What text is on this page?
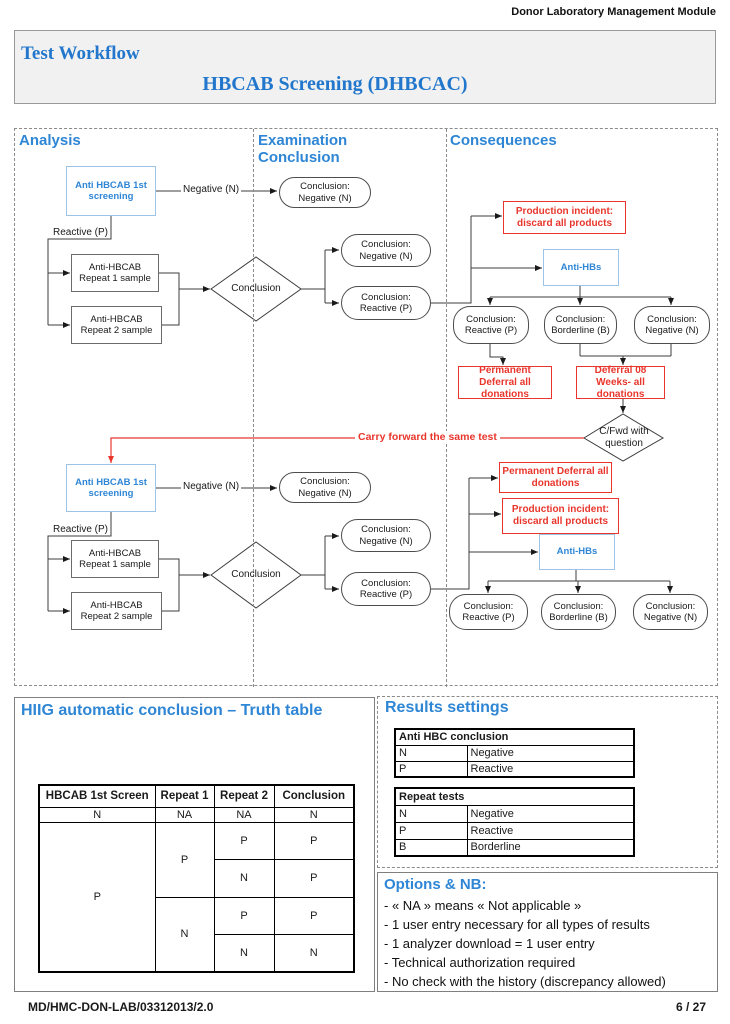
Donor Laboratory Management Module
Test Workflow
HBCAB Screening (DHBCAC)
Analysis	Examination Conclusion
Consequences
Anti HBCAB 1st screening
Negative (N)	Conclusion: Negative (N)
Reactive (P)
Anti-HBCAB Repeat 1 sample
Anti-HBCAB Repeat 2 sample
Conclusion
Conclusion: Negative (N)
Conclusion: Reactive (P)
Production incident: discard all products
Anti-HBs
Conclusion: Reactive (P)
Conclusion: Borderline (B)
Conclusion: Negative (N)
Permanent Deferral all donations
Deferral 08 Weeks- all donations
C/Fwd with question
Carry forward the same test
Anti HBCAB 1st screening
Negative (N)	Conclusion: Negative (N)
Reactive (P)
Anti-HBCAB Repeat 1 sample
Anti-HBCAB Repeat 2 sample
Conclusion
Conclusion: Negative (N)
Conclusion: Reactive (P)
Permanent Deferral all donations
Production incident: discard all products
Anti-HBs
Conclusion: Reactive (P)
Conclusion: Borderline (B)
Conclusion: Negative (N)
HIIG automatic conclusion – Truth table
HBCAB 1st Screen	Repeat 1	Repeat 2	Conclusion
N	NA	NA	N
P	P	P	P
		N	P
	N	P	P
		N	N
Results settings
Anti HBC conclusion	
N	Negative
P	Reactive
Repeat tests	
N	Negative
P	Reactive
B	Borderline
Options & NB:
- « NA » means « Not applicable »
- 1 user entry necessary for all types of results
- 1 analyzer download = 1 user entry
- Technical authorization required
- No check with the history (discrepancy allowed)
MD/HMC-DON-LAB/03312013/2.0	6 / 27
